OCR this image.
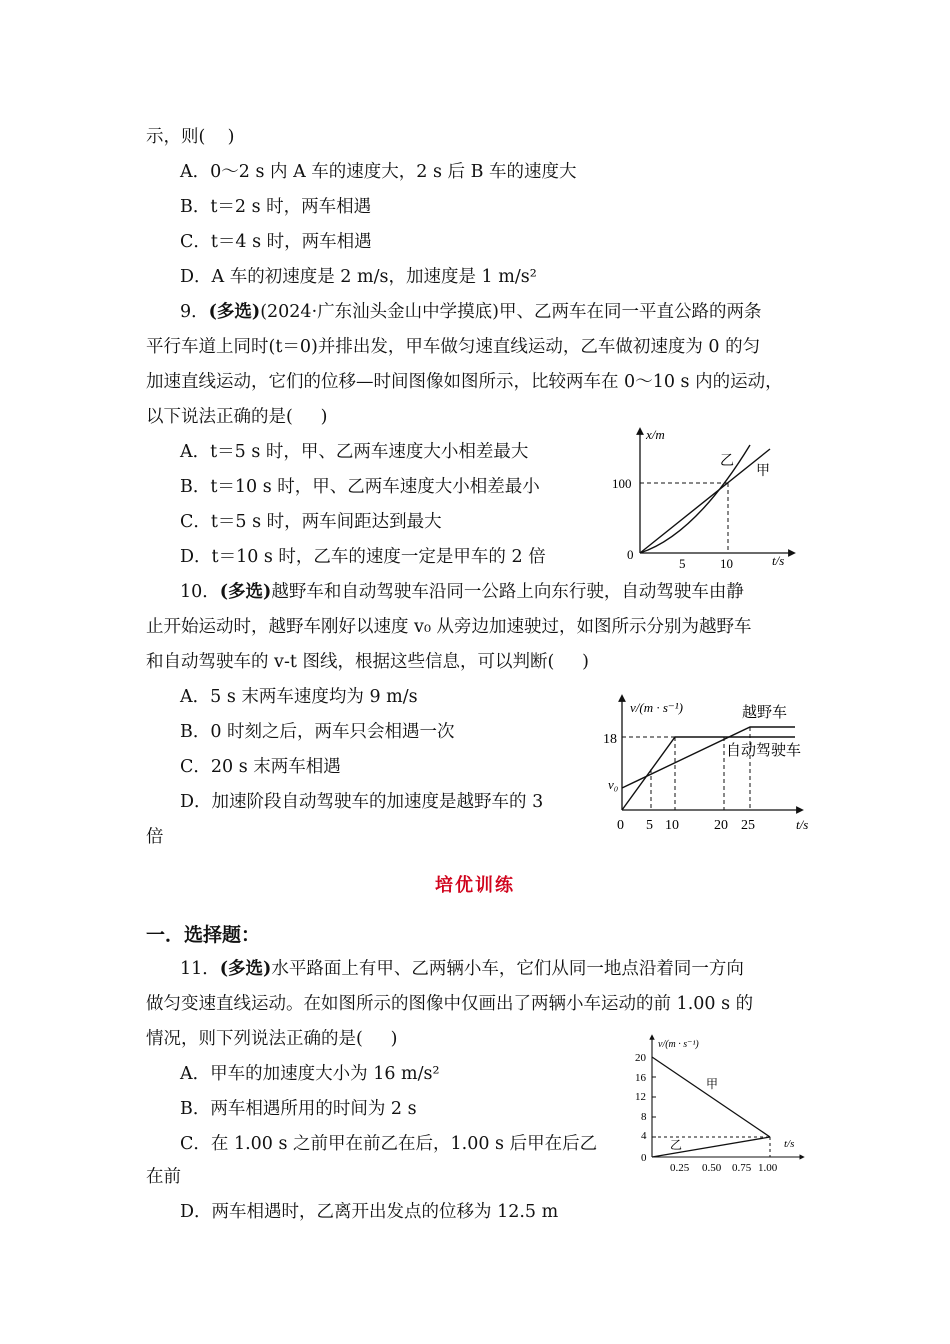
示，则(    )
A．0～2 s 内 A 车的速度大，2 s 后 B 车的速度大
B．t＝2 s 时，两车相遇
C．t＝4 s 时，两车相遇
D．A 车的初速度是 2 m/s，加速度是 1 m/s²
9．(多选)(2024·广东汕头金山中学摸底)甲、乙两车在同一平直公路的两条
平行车道上同时(t＝0)并排出发，甲车做匀速直线运动，乙车做初速度为 0 的匀
加速直线运动，它们的位移—时间图像如图所示，比较两车在 0～10 s 内的运动，
以下说法正确的是(     )
A．t＝5 s 时，甲、乙两车速度大小相差最大
B．t＝10 s 时，甲、乙两车速度大小相差最小
C．t＝5 s 时，两车间距达到最大
D．t＝10 s 时，乙车的速度一定是甲车的 2 倍
x/m
t/s
100
0
5	10
乙
甲
10．(多选)越野车和自动驾驶车沿同一公路上向东行驶，自动驾驶车由静
止开始运动时，越野车刚好以速度 v₀ 从旁边加速驶过，如图所示分别为越野车
和自动驾驶车的 v-t 图线，根据这些信息，可以判断(     )
A．5 s 末两车速度均为 9 m/s
B．0 时刻之后，两车只会相遇一次
C．20 s 末两车相遇
D．加速阶段自动驾驶车的加速度是越野车的 3
倍
v/(m · s⁻¹)
t/s
18
v₀
0 5 10	20 25
越野车
自动驾驶车
培优训练
一．选择题：
11．(多选)水平路面上有甲、乙两辆小车，它们从同一地点沿着同一方向
做匀变速直线运动。在如图所示的图像中仅画出了两辆小车运动的前 1.00 s 的
情况，则下列说法正确的是(     )
A．甲车的加速度大小为 16 m/s²
B．两车相遇所用的时间为 2 s
C．在 1.00 s 之前甲在前乙在后，1.00 s 后甲在后乙
在前
D．两车相遇时，乙离开出发点的位移为 12.5 m
v/(m · s⁻¹)
t/s
20
16
12
8
4
0
0.25 0.50 0.75 1.00
甲
乙
